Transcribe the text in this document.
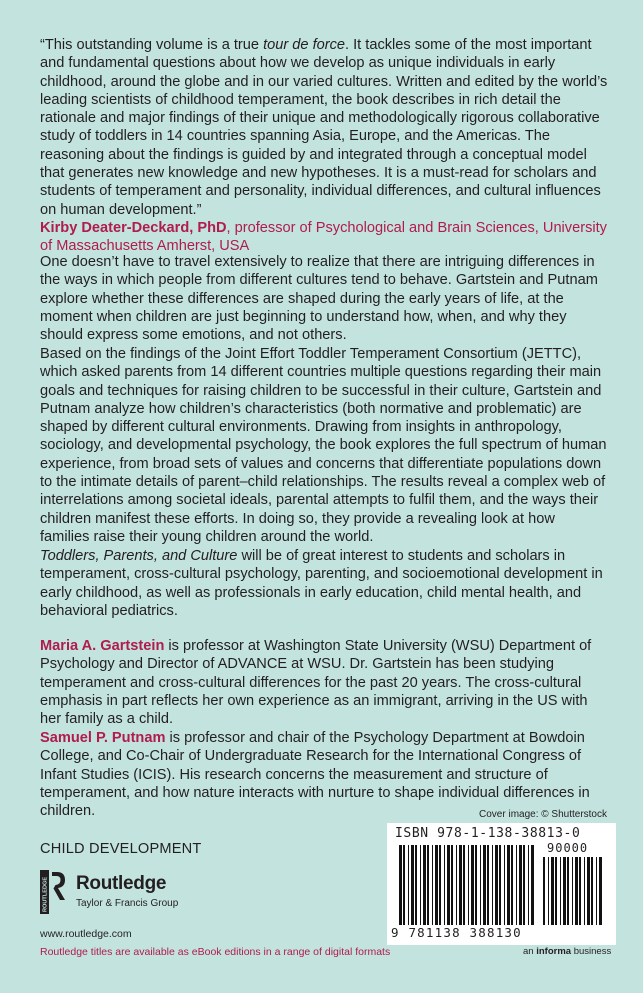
“This outstanding volume is a true tour de force. It tackles some of the most important and fundamental questions about how we develop as unique individuals in early childhood, around the globe and in our varied cultures. Written and edited by the world’s leading scientists of childhood temperament, the book describes in rich detail the rationale and major findings of their unique and methodologically rigorous collaborative study of toddlers in 14 countries spanning Asia, Europe, and the Americas. The reasoning about the findings is guided by and integrated through a conceptual model that generates new knowledge and new hypotheses. It is a must-read for scholars and students of temperament and personality, individual differences, and cultural influences on human development.”

Kirby Deater-Deckard, PhD, professor of Psychological and Brain Sciences, University of Massachusetts Amherst, USA

One doesn’t have to travel extensively to realize that there are intriguing differences in the ways in which people from different cultures tend to behave. Gartstein and Putnam explore whether these differences are shaped during the early years of life, at the moment when children are just beginning to understand how, when, and why they should express some emotions, and not others.

Based on the findings of the Joint Effort Toddler Temperament Consortium (JETTC), which asked parents from 14 different countries multiple questions regarding their main goals and techniques for raising children to be successful in their culture, Gartstein and Putnam analyze how children’s characteristics (both normative and problematic) are shaped by different cultural environments. Drawing from insights in anthropology, sociology, and developmental psychology, the book explores the full spectrum of human experience, from broad sets of values and concerns that differentiate populations down to the intimate details of parent–child relationships. The results reveal a complex web of interrelations among societal ideals, parental attempts to fulfil them, and the ways their children manifest these efforts. In doing so, they provide a revealing look at how families raise their young children around the world.

Toddlers, Parents, and Culture will be of great interest to students and scholars in temperament, cross-cultural psychology, parenting, and socioemotional development in early childhood, as well as professionals in early education, child mental health, and behavioral pediatrics.

Maria A. Gartstein is professor at Washington State University (WSU) Department of Psychology and Director of ADVANCE at WSU. Dr. Gartstein has been studying temperament and cross-cultural differences for the past 20 years. The cross-cultural emphasis in part reflects her own experience as an immigrant, arriving in the US with her family as a child.

Samuel P. Putnam is professor and chair of the Psychology Department at Bowdoin College, and Co-Chair of Undergraduate Research for the International Congress of Infant Studies (ICIS). His research concerns the measurement and structure of temperament, and how nature interacts with nurture to shape individual differences in children.	Cover image: © Shutterstock
CHILD DEVELOPMENT
ROUTLEDGE Routledge
Taylor & Francis Group
www.routledge.com
Routledge titles are available as eBook editions in a range of digital formats
ISBN 978-1-138-38813-0
90000
9 781138 388130
an informa business
